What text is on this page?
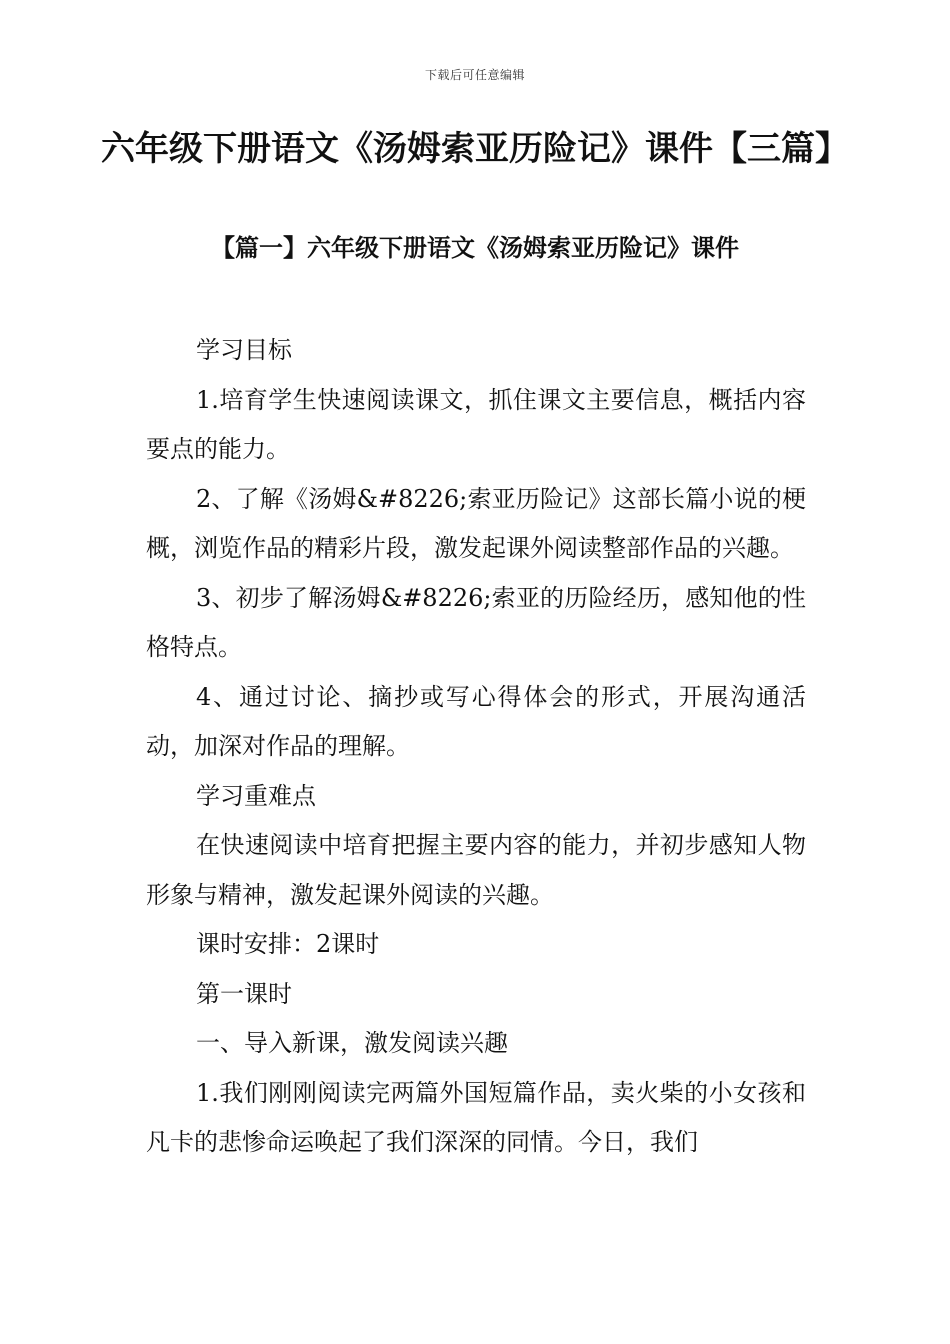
下载后可任意编辑
六年级下册语文《汤姆索亚历险记》课件【三篇】
【篇一】六年级下册语文《汤姆索亚历险记》课件

学习目标

1.培育学生快速阅读课文，抓住课文主要信息，概括内容要点的能力。

2、了解《汤姆&#8226;索亚历险记》这部长篇小说的梗概，浏览作品的精彩片段，激发起课外阅读整部作品的兴趣。

3、初步了解汤姆&#8226;索亚的历险经历，感知他的性格特点。

4、通过讨论、摘抄或写心得体会的形式，开展沟通活动，加深对作品的理解。

学习重难点

在快速阅读中培育把握主要内容的能力，并初步感知人物形象与精神，激发起课外阅读的兴趣。

课时安排：2课时

第一课时

一、导入新课，激发阅读兴趣

1.我们刚刚阅读完两篇外国短篇作品，卖火柴的小女孩和凡卡的悲惨命运唤起了我们深深的同情。今日，我们
